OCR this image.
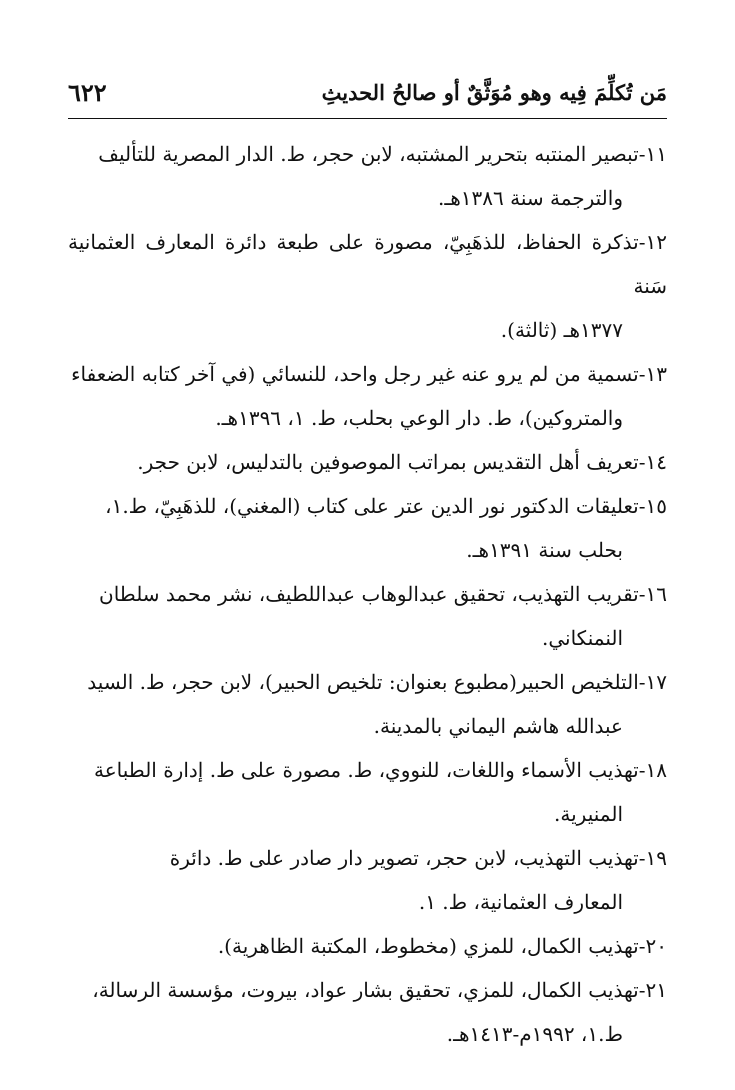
مَن تُكلِّمَ فِيه وهو مُوَثَّقٌ أو صالحُ الحديثِ
٦٢٢
١١-تبصير المنتبه بتحرير المشتبه، لابن حجر، ط. الدار المصرية للتأليف
والترجمة سنة ١٣٨٦هـ.
١٢-تذكرة الحفاظ، للذهَبِيّ، مصورة على طبعة دائرة المعارف العثمانية سَنة
١٣٧٧هـ (ثالثة).
١٣-تسمية من لم يرو عنه غير رجل واحد، للنسائي (في آخر كتابه الضعفاء
والمتروكين)، ط. دار الوعي بحلب، ط. ١، ١٣٩٦هـ.
١٤-تعريف أهل التقديس بمراتب الموصوفين بالتدليس، لابن حجر.
١٥-تعليقات الدكتور نور الدين عتر على كتاب (المغني)، للذهَبِيّ، ط.١،
بحلب سنة ١٣٩١هـ.
١٦-تقريب التهذيب، تحقيق عبدالوهاب عبداللطيف، نشر محمد سلطان
النمنكاني.
١٧-التلخيص الحبير(مطبوع بعنوان: تلخيص الحبير)، لابن حجر، ط. السيد
عبدالله هاشم اليماني بالمدينة.
١٨-تهذيب الأسماء واللغات، للنووي، ط. مصورة على ط. إدارة الطباعة
المنيرية.
١٩-تهذيب التهذيب، لابن حجر، تصوير دار صادر على ط. دائرة
المعارف العثمانية، ط. ١.
٢٠-تهذيب الكمال، للمزي (مخطوط، المكتبة الظاهرية).
٢١-تهذيب الكمال، للمزي، تحقيق بشار عواد، بيروت، مؤسسة الرسالة،
ط.١، ١٩٩٢م-١٤١٣هـ.
